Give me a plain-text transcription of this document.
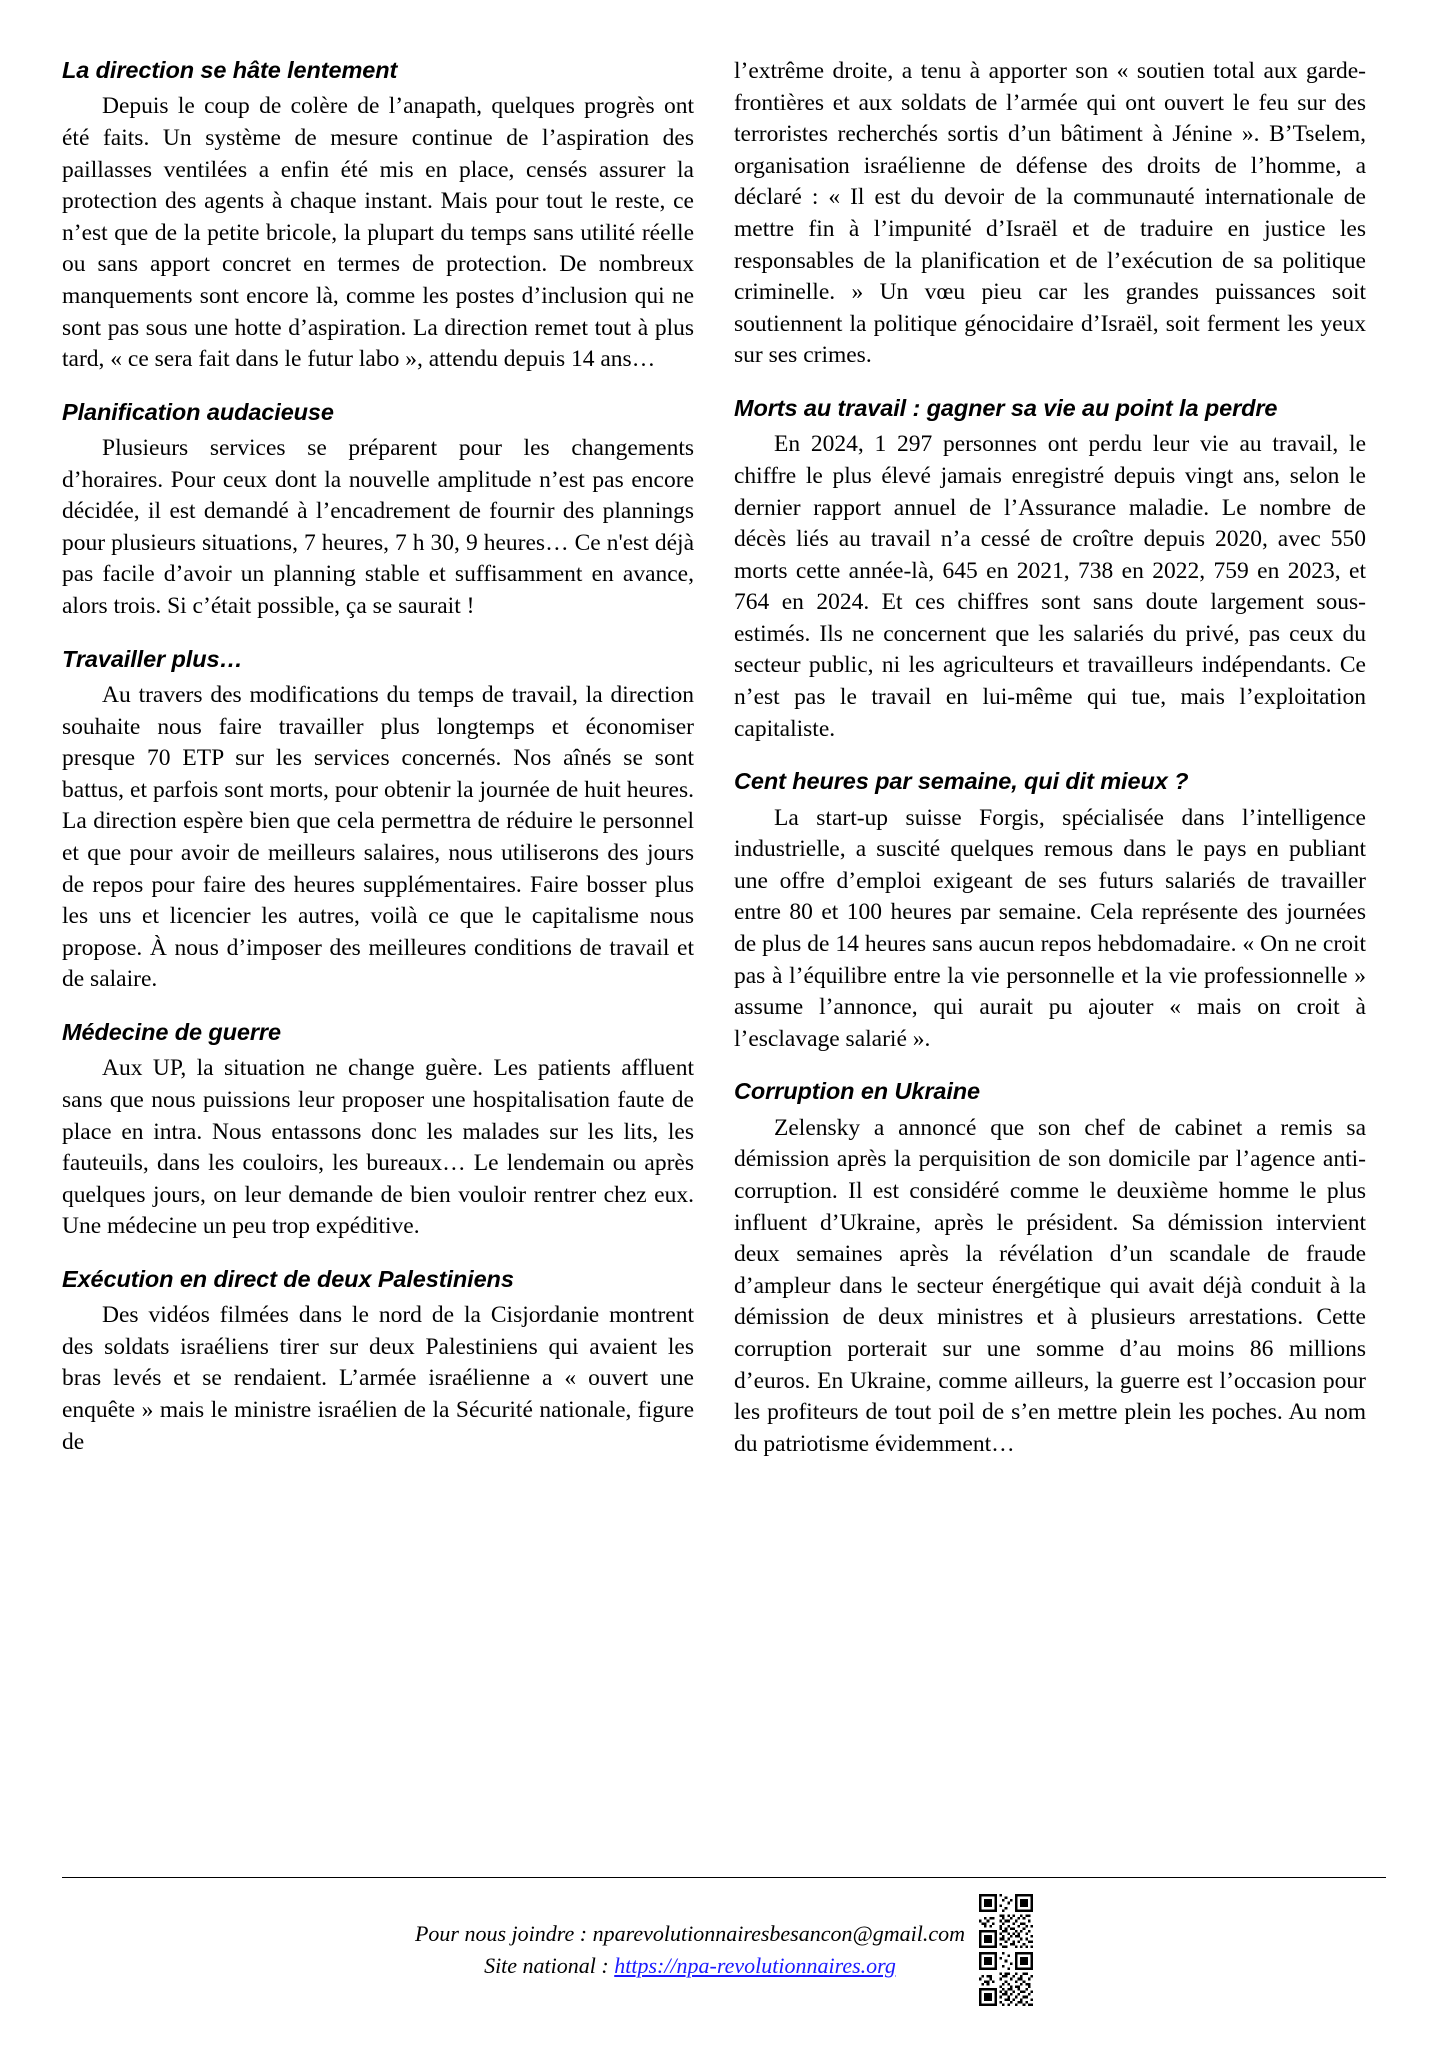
La direction se hâte lentement

Depuis le coup de colère de l’anapath, quelques progrès ont été faits. Un système de mesure continue de l’aspiration des paillasses ventilées a enfin été mis en place, censés assurer la protection des agents à chaque instant. Mais pour tout le reste, ce n’est que de la petite bricole, la plupart du temps sans utilité réelle ou sans apport concret en termes de protection. De nombreux manquements sont encore là, comme les postes d’inclusion qui ne sont pas sous une hotte d’aspiration. La direction remet tout à plus tard, « ce sera fait dans le futur labo », attendu depuis 14 ans…

Planification audacieuse

Plusieurs services se préparent pour les changements d’horaires. Pour ceux dont la nouvelle amplitude n’est pas encore décidée, il est demandé à l’encadrement de fournir des plannings pour plusieurs situations, 7 heures, 7 h 30, 9 heures… Ce n'est déjà pas facile d’avoir un planning stable et suffisamment en avance, alors trois. Si c’était possible, ça se saurait !

Travailler plus…

Au travers des modifications du temps de travail, la direction souhaite nous faire travailler plus longtemps et économiser presque 70 ETP sur les services concernés. Nos aînés se sont battus, et parfois sont morts, pour obtenir la journée de huit heures. La direction espère bien que cela permettra de réduire le personnel et que pour avoir de meilleurs salaires, nous utiliserons des jours de repos pour faire des heures supplémentaires. Faire bosser plus les uns et licencier les autres, voilà ce que le capitalisme nous propose. À nous d’imposer des meilleures conditions de travail et de salaire.

Médecine de guerre

Aux UP, la situation ne change guère. Les patients affluent sans que nous puissions leur proposer une hospitalisation faute de place en intra. Nous entassons donc les malades sur les lits, les fauteuils, dans les couloirs, les bureaux… Le lendemain ou après quelques jours, on leur demande de bien vouloir rentrer chez eux. Une médecine un peu trop expéditive.

Exécution en direct de deux Palestiniens

Des vidéos filmées dans le nord de la Cisjordanie montrent des soldats israéliens tirer sur deux Palestiniens qui avaient les bras levés et se rendaient. L’armée israélienne a « ouvert une enquête » mais le ministre israélien de la Sécurité nationale, figure de

l’extrême droite, a tenu à apporter son « soutien total aux garde-frontières et aux soldats de l’armée qui ont ouvert le feu sur des terroristes recherchés sortis d’un bâtiment à Jénine ». B’Tselem, organisation israélienne de défense des droits de l’homme, a déclaré : « Il est du devoir de la communauté internationale de mettre fin à l’impunité d’Israël et de traduire en justice les responsables de la planification et de l’exécution de sa politique criminelle. » Un vœu pieu car les grandes puissances soit soutiennent la politique génocidaire d’Israël, soit ferment les yeux sur ses crimes.

Morts au travail : gagner sa vie au point la perdre

En 2024, 1 297 personnes ont perdu leur vie au travail, le chiffre le plus élevé jamais enregistré depuis vingt ans, selon le dernier rapport annuel de l’Assurance maladie. Le nombre de décès liés au travail n’a cessé de croître depuis 2020, avec 550 morts cette année-là, 645 en 2021, 738 en 2022, 759 en 2023, et 764 en 2024. Et ces chiffres sont sans doute largement sous-estimés. Ils ne concernent que les salariés du privé, pas ceux du secteur public, ni les agriculteurs et travailleurs indépendants. Ce n’est pas le travail en lui-même qui tue, mais l’exploitation capitaliste.

Cent heures par semaine, qui dit mieux ?

La start-up suisse Forgis, spécialisée dans l’intelligence industrielle, a suscité quelques remous dans le pays en publiant une offre d’emploi exigeant de ses futurs salariés de travailler entre 80 et 100 heures par semaine. Cela représente des journées de plus de 14 heures sans aucun repos hebdomadaire. « On ne croit pas à l’équilibre entre la vie personnelle et la vie professionnelle » assume l’annonce, qui aurait pu ajouter « mais on croit à l’esclavage salarié ».

Corruption en Ukraine

Zelensky a annoncé que son chef de cabinet a remis sa démission après la perquisition de son domicile par l’agence anti-corruption. Il est considéré comme le deuxième homme le plus influent d’Ukraine, après le président. Sa démission intervient deux semaines après la révélation d’un scandale de fraude d’ampleur dans le secteur énergétique qui avait déjà conduit à la démission de deux ministres et à plusieurs arrestations. Cette corruption porterait sur une somme d’au moins 86 millions d’euros. En Ukraine, comme ailleurs, la guerre est l’occasion pour les profiteurs de tout poil de s’en mettre plein les poches. Au nom du patriotisme évidemment…

Pour nous joindre : nparevolutionnairesbesancon@gmail.com
Site national : https://npa-revolutionnaires.org
